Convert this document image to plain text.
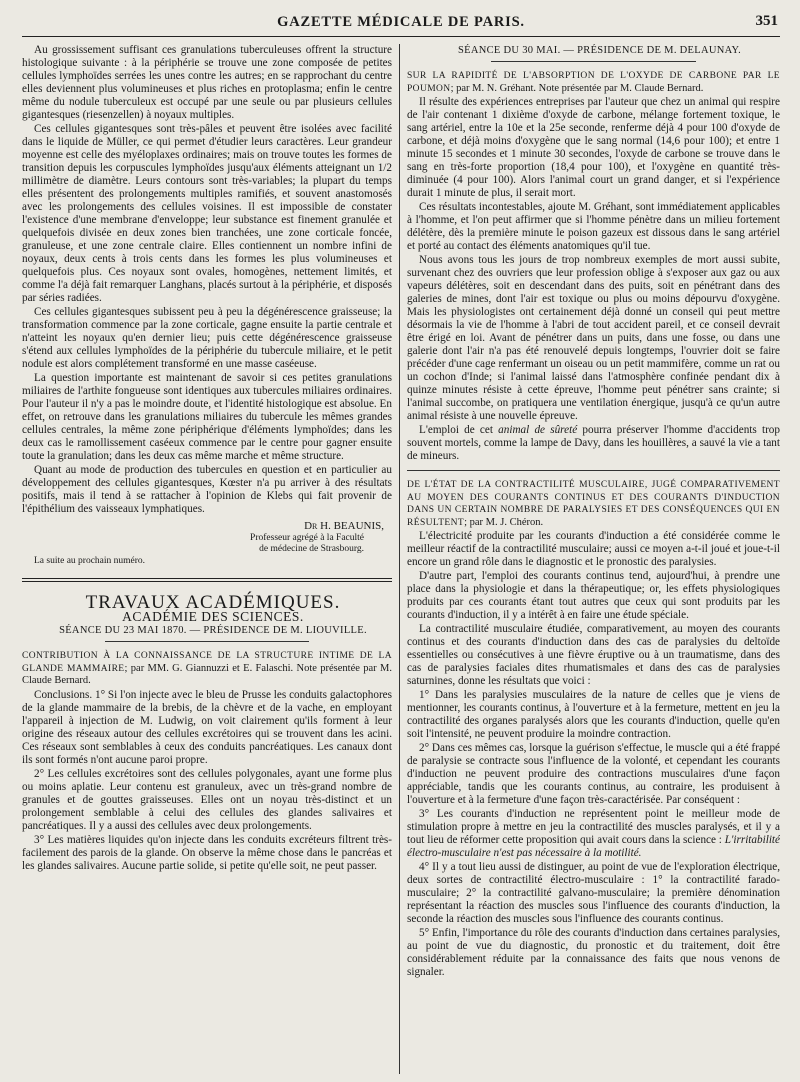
GAZETTE MÉDICALE DE PARIS.	351

Au grossissement suffisant ces granulations tuberculeuses offrent la structure histologique suivante : à la périphérie se trouve une zone composée de petites cellules lymphoïdes serrées les unes contre les autres; en se rapprochant du centre elles deviennent plus volumineuses et plus riches en protoplasma; enfin le centre même du nodule tuberculeux est occupé par une seule ou par plusieurs cellules gigantesques (riesenzellen) à noyaux multiples.

Ces cellules gigantesques sont très-pâles et peuvent être isolées avec facilité dans le liquide de Müller, ce qui permet d'étudier leurs caractères. Leur grandeur moyenne est celle des myéloplaxes ordinaires; mais on trouve toutes les formes de transition depuis les corpuscules lymphoïdes jusqu'aux éléments atteignant un 1/2 millimètre de diamètre. Leurs contours sont très-variables; la plupart du temps elles présentent des prolongements multiples ramifiés, et souvent anastomosés avec les prolongements des cellules voisines. Il est impossible de constater l'existence d'une membrane d'enveloppe; leur substance est finement granulée et quelquefois divisée en deux zones bien tranchées, une zone corticale foncée, granuleuse, et une zone centrale claire. Elles contiennent un nombre infini de noyaux, deux cents à trois cents dans les formes les plus volumineuses et quelquefois plus. Ces noyaux sont ovales, homogènes, nettement limités, et comme l'a déjà fait remarquer Langhans, placés surtout à la périphérie, et disposés par séries radiées.

Ces cellules gigantesques subissent peu à peu la dégénérescence graisseuse; la transformation commence par la zone corticale, gagne ensuite la partie centrale et n'atteint les noyaux qu'en dernier lieu; puis cette dégénérescence graisseuse s'étend aux cellules lymphoïdes de la périphérie du tubercule miliaire, et le petit nodule est alors complétement transformé en une masse caséeuse.

La question importante est maintenant de savoir si ces petites granulations miliaires de l'arthite fongueuse sont identiques aux tubercules miliaires ordinaires. Pour l'auteur il n'y a pas le moindre doute, et l'identité histologique est absolue. En effet, on retrouve dans les granulations miliaires du tubercule les mêmes grandes cellules centrales, la même zone périphérique d'éléments lymphoïdes; dans les deux cas le ramollissement caséeux commence par le centre pour gagner ensuite toute la granulation; dans les deux cas même marche et même structure.

Quant au mode de production des tubercules en question et en particulier au développement des cellules gigantesques, Kœster n'a pu arriver à des résultats positifs, mais il tend à se rattacher à l'opinion de Klebs qui fait provenir de l'épithélium des vaisseaux lymphatiques.

Dr H. BEAUNIS,
Professeur agrégé à la Faculté
de médecine de Strasbourg.

La suite au prochain numéro.

TRAVAUX ACADÉMIQUES.

ACADÉMIE DES SCIENCES.

SÉANCE DU 23 MAI 1870. — PRÉSIDENCE DE M. LIOUVILLE.

CONTRIBUTION À LA CONNAISSANCE DE LA STRUCTURE INTIME DE LA GLANDE MAMMAIRE; par MM. G. Giannuzzi et E. Falaschi. Note présentée par M. Claude Bernard.

Conclusions. 1° Si l'on injecte avec le bleu de Prusse les conduits galactophores de la glande mammaire de la brebis, de la chèvre et de la vache, en employant l'appareil à injection de M. Ludwig, on voit clairement qu'ils forment à leur origine des réseaux autour des cellules excrétoires qui se trouvent dans les acini. Ces réseaux sont semblables à ceux des conduits pancréatiques. Les canaux dont ils sont formés n'ont aucune paroi propre.

2° Les cellules excrétoires sont des cellules polygonales, ayant une forme plus ou moins aplatie. Leur contenu est granuleux, avec un très-grand nombre de granules et de gouttes graisseuses. Elles ont un noyau très-distinct et un prolongement semblable à celui des cellules des glandes salivaires et pancréatiques. Il y a aussi des cellules avec deux prolongements.

3° Les matières liquides qu'on injecte dans les conduits excréteurs filtrent très-facilement des parois de la glande. On observe la même chose dans le pancréas et les glandes salivaires. Aucune partie solide, si petite qu'elle soit, ne peut passer.

SÉANCE DU 30 MAI. — PRÉSIDENCE DE M. DELAUNAY.

SUR LA RAPIDITÉ DE L'ABSORPTION DE L'OXYDE DE CARBONE PAR LE POUMON; par M. N. Gréhant. Note présentée par M. Claude Bernard.

Il résulte des expériences entreprises par l'auteur que chez un animal qui respire de l'air contenant 1 dixième d'oxyde de carbone, mélange fortement toxique, le sang artériel, entre la 10e et la 25e seconde, renferme déjà 4 pour 100 d'oxyde de carbone, et déjà moins d'oxygène que le sang normal (14,6 pour 100); et entre 1 minute 15 secondes et 1 minute 30 secondes, l'oxyde de carbone se trouve dans le sang en très-forte proportion (18,4 pour 100), et l'oxygène en quantité très-diminuée (4 pour 100). Alors l'animal court un grand danger, et si l'expérience durait 1 minute de plus, il serait mort.

Ces résultats incontestables, ajoute M. Gréhant, sont immédiatement applicables à l'homme, et l'on peut affirmer que si l'homme pénètre dans un milieu fortement délétère, dès la première minute le poison gazeux est dissous dans le sang artériel et porté au contact des éléments anatomiques qu'il tue.

Nous avons tous les jours de trop nombreux exemples de mort aussi subite, survenant chez des ouvriers que leur profession oblige à s'exposer aux gaz ou aux vapeurs délétères, soit en descendant dans des puits, soit en pénétrant dans des galeries de mines, dont l'air est toxique ou plus ou moins dépourvu d'oxygène. Mais les physiologistes ont certainement déjà donné un conseil qui peut mettre désormais la vie de l'homme à l'abri de tout accident pareil, et ce conseil devrait être érigé en loi. Avant de pénétrer dans un puits, dans une fosse, ou dans une galerie dont l'air n'a pas été renouvelé depuis longtemps, l'ouvrier doit se faire précéder d'une cage renfermant un oiseau ou un petit mammifère, comme un rat ou un cochon d'Inde; si l'animal laissé dans l'atmosphère confinée pendant dix à quinze minutes résiste à cette épreuve, l'homme peut pénétrer sans crainte; si l'animal succombe, on pratiquera une ventilation énergique, jusqu'à ce qu'un autre animal résiste à une nouvelle épreuve.

L'emploi de cet animal de sûreté pourra préserver l'homme d'accidents trop souvent mortels, comme la lampe de Davy, dans les houillères, a sauvé la vie a tant de mineurs.

DE L'ÉTAT DE LA CONTRACTILITÉ MUSCULAIRE, JUGÉ COMPARATIVEMENT AU MOYEN DES COURANTS CONTINUS ET DES COURANTS D'INDUCTION DANS UN CERTAIN NOMBRE DE PARALYSIES ET DES CONSÉQUENCES QUI EN RÉSULTENT; par M. J. Chéron.

L'électricité produite par les courants d'induction a été considérée comme le meilleur réactif de la contractilité musculaire; aussi ce moyen a-t-il joué et joue-t-il encore un grand rôle dans le diagnostic et le pronostic des paralysies.

D'autre part, l'emploi des courants continus tend, aujourd'hui, à prendre une place dans la physiologie et dans la thérapeutique; or, les effets physiologiques produits par ces courants étant tout autres que ceux qui sont produits par les courants d'induction, il y a intérêt à en faire une étude spéciale.

La contractilité musculaire étudiée, comparativement, au moyen des courants continus et des courants d'induction dans des cas de paralysies du deltoïde essentielles ou consécutives à une fièvre éruptive ou à un traumatisme, dans des cas de paralysies faciales dites rhumatismales et dans des cas de paralysies saturnines, donne les résultats que voici :

1° Dans les paralysies musculaires de la nature de celles que je viens de mentionner, les courants continus, à l'ouverture et à la fermeture, mettent en jeu la contractilité des organes paralysés alors que les courants d'induction, quelle qu'en soit l'intensité, ne peuvent produire la moindre contraction.

2° Dans ces mêmes cas, lorsque la guérison s'effectue, le muscle qui a été frappé de paralysie se contracte sous l'influence de la volonté, et cependant les courants d'induction ne peuvent produire des contractions musculaires d'une façon appréciable, tandis que les courants continus, au contraire, les produisent à l'ouverture et à la fermeture d'une façon très-caractérisée. Par conséquent :

3° Les courants d'induction ne représentent point le meilleur mode de stimulation propre à mettre en jeu la contractilité des muscles paralysés, et il y a tout lieu de réformer cette proposition qui avait cours dans la science : L'irritabilité électro-musculaire n'est pas nécessaire à la motilité.

4° Il y a tout lieu aussi de distinguer, au point de vue de l'exploration électrique, deux sortes de contractilité électro-musculaire : 1° la contractilité farado-musculaire; 2° la contractilité galvano-musculaire; la première dénomination représentant la réaction des muscles sous l'influence des courants d'induction, la seconde la réaction des muscles sous l'influence des courants continus.

5° Enfin, l'importance du rôle des courants d'induction dans certaines paralysies, au point de vue du diagnostic, du pronostic et du traitement, doit être considérablement réduite par la connaissance des faits que nous venons de signaler.
